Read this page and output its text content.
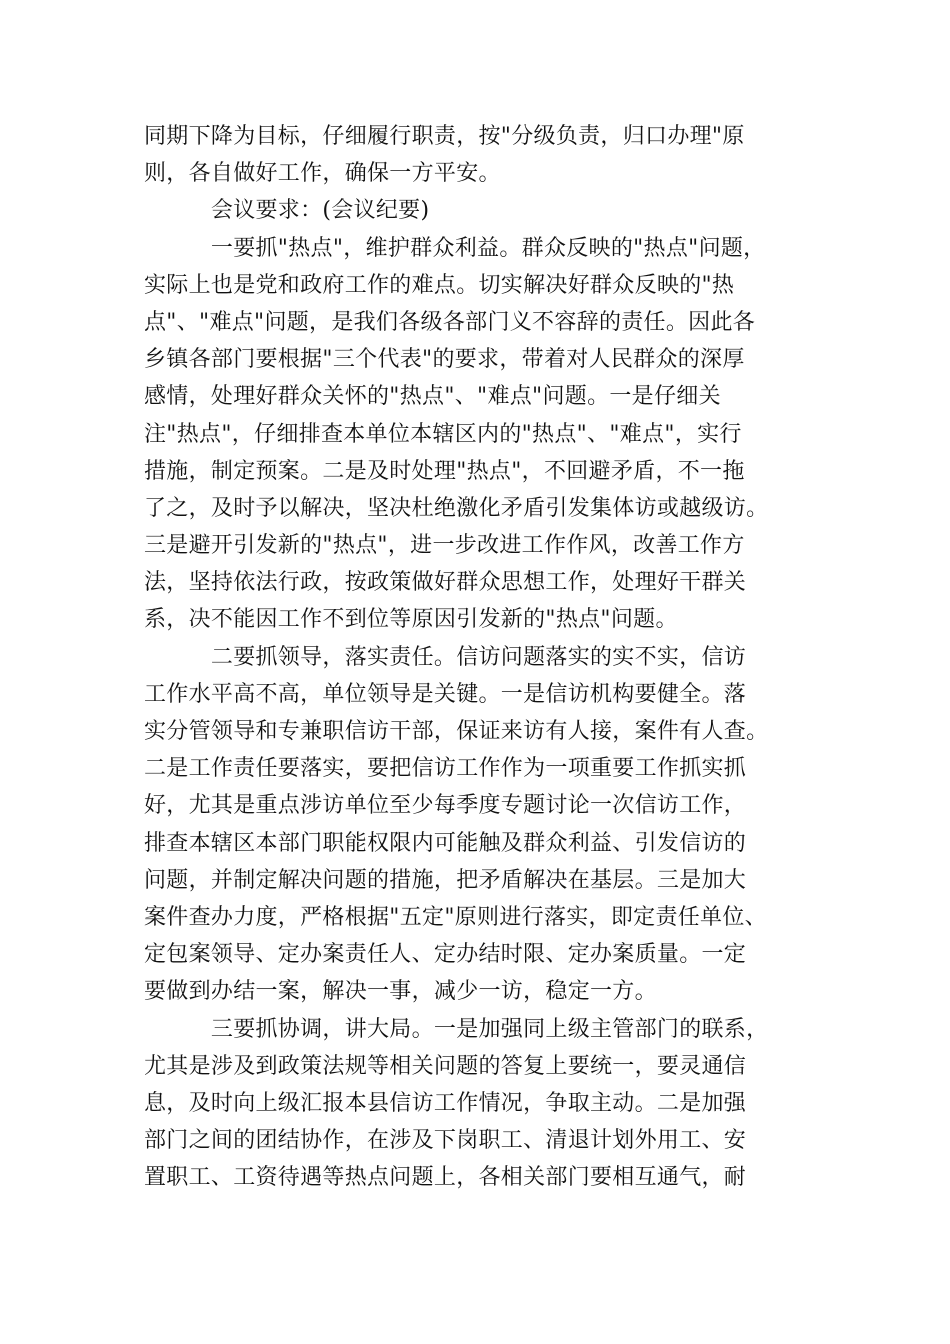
同期下降为目标，仔细履行职责，按"分级负责，归口办理"原
则，各自做好工作，确保一方平安。
　　　会议要求：(会议纪要)
　　　一要抓"热点"，维护群众利益。群众反映的"热点"问题，
实际上也是党和政府工作的难点。切实解决好群众反映的"热
点"、"难点"问题，是我们各级各部门义不容辞的责任。因此各
乡镇各部门要根据"三个代表"的要求，带着对人民群众的深厚
感情，处理好群众关怀的"热点"、"难点"问题。一是仔细关
注"热点"，仔细排查本单位本辖区内的"热点"、"难点"，实行
措施，制定预案。二是及时处理"热点"，不回避矛盾，不一拖
了之，及时予以解决，坚决杜绝激化矛盾引发集体访或越级访。
三是避开引发新的"热点"，进一步改进工作作风，改善工作方
法，坚持依法行政，按政策做好群众思想工作，处理好干群关
系，决不能因工作不到位等原因引发新的"热点"问题。
　　　二要抓领导，落实责任。信访问题落实的实不实，信访
工作水平高不高，单位领导是关键。一是信访机构要健全。落
实分管领导和专兼职信访干部，保证来访有人接，案件有人查。
二是工作责任要落实，要把信访工作作为一项重要工作抓实抓
好，尤其是重点涉访单位至少每季度专题讨论一次信访工作，
排查本辖区本部门职能权限内可能触及群众利益、引发信访的
问题，并制定解决问题的措施，把矛盾解决在基层。三是加大
案件查办力度，严格根据"五定"原则进行落实，即定责任单位、
定包案领导、定办案责任人、定办结时限、定办案质量。一定
要做到办结一案，解决一事，减少一访，稳定一方。
　　　三要抓协调，讲大局。一是加强同上级主管部门的联系，
尤其是涉及到政策法规等相关问题的答复上要统一，要灵通信
息，及时向上级汇报本县信访工作情况，争取主动。二是加强
部门之间的团结协作，在涉及下岗职工、清退计划外用工、安
置职工、工资待遇等热点问题上，各相关部门要相互通气，耐
